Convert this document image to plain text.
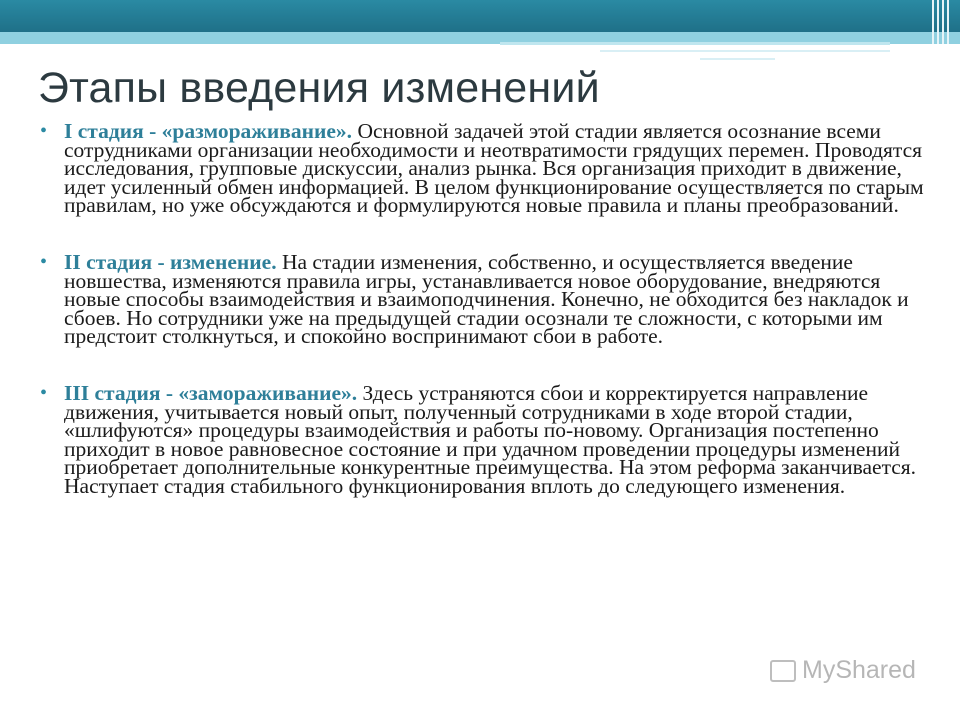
Этапы введения изменений

• I стадия - «размораживание». Основной задачей этой стадии является осознание всеми сотрудниками организации необходимости и неотвратимости грядущих перемен. Проводятся исследования, групповые дискуссии, анализ рынка. Вся организация приходит в движение, идет усиленный обмен информацией. В целом функционирование осуществляется по старым правилам, но уже обсуждаются и формулируются новые правила и планы преобразований.

• II стадия - изменение. На стадии изменения, собственно, и осуществляется введение новшества, изменяются правила игры, устанавливается новое оборудование, внедряются новые способы взаимодействия и взаимоподчинения. Конечно, не обходится без накладок и сбоев. Но сотрудники уже на предыдущей стадии осознали те сложности, с которыми им предстоит столкнуться, и спокойно воспринимают сбои в работе.

• III стадия - «замораживание». Здесь устраняются сбои и корректируется направление движения, учитывается новый опыт, полученный сотрудниками в ходе второй стадии, «шлифуются» процедуры взаимодействия и работы по-новому. Организация постепенно приходит в новое равновесное состояние и при удачном проведении процедуры изменений приобретает дополнительные конкурентные преимущества. На этом реформа заканчивается. Наступает стадия стабильного функционирования вплоть до следующего изменения.

MyShared
